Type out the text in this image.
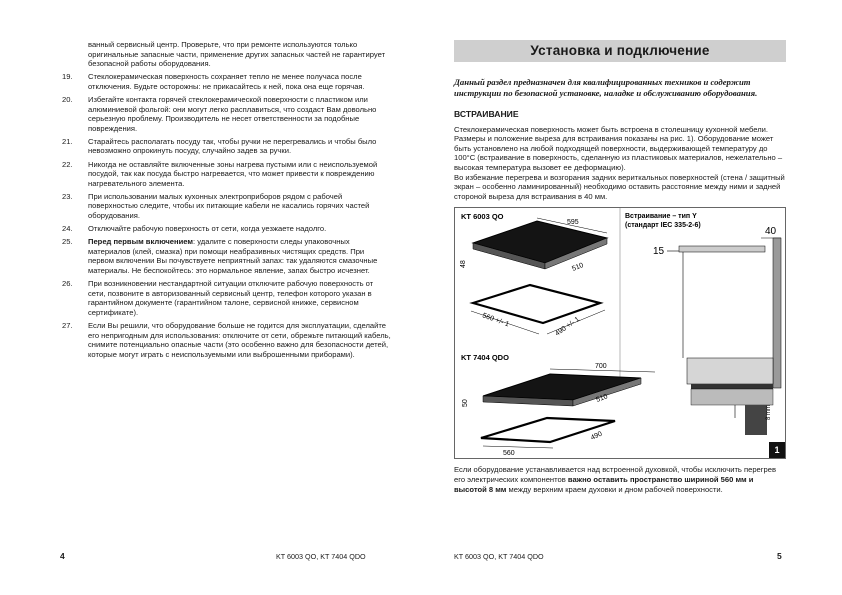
ванный сервисный центр. Проверьте, что при ремонте используются только оригинальные запасные части, применение других запасных частей не гарантирует безопасной работы оборудования.
19.	Стеклокерамическая поверхность сохраняет тепло не менее получаса после отключения. Будьте осторожны: не прикасайтесь к ней, пока она еще горячая.
20.	Избегайте контакта горячей стеклокерамической поверхности с пластиком или алюминиевой фольгой: они могут легко расплавиться, что создаст Вам довольно серьезную проблему. Производитель не несет ответственности за подобные повреждения.
21.	Старайтесь располагать посуду так, чтобы ручки не перегревались и чтобы было невозможно опрокинуть посуду, случайно задев за ручки.
22.	Никогда не оставляйте включенные зоны нагрева пустыми или с неиспользуемой посудой, так как посуда быстро нагревается, что может привести к повреждению нагревательного элемента.
23.	При использовании малых кухонных электроприборов рядом с рабочей поверхностью следите, чтобы их питающие кабели не касались горячих частей оборудования.
24.	Отключайте рабочую поверхность от сети, когда уезжаете надолго.
25.	Перед первым включением: удалите с поверхности следы упаковочных материалов (клей, смазка) при помощи неабразивных чистящих средств. При первом включении Вы почувствуете неприятный запах: так удаляются смазочные материалы. Не беспокойтесь: это нормальное явление, запах быстро исчезнет.
26.	При возникновении нестандартной ситуации отключите рабочую поверхность от сети, позвоните в авторизованный сервисный центр, телефон которого указан в гарантийном документе (гарантийном талоне, сервисной книжке, сервисном сертификате).
27.	Если Вы решили, что оборудование больше не годится для эксплуатации, сделайте его непригодным для использования: отключите от сети, обрежьте питающий кабель, снимите потенциально опасные части (это особенно важно для безопасности детей, которые могут играть с неиспользуемыми или выброшенными приборами).
4	KT 6003 QO, KT 7404 QDO
Установка и подключение
Данный раздел предназначен для квалифицированных техников и содержит инструкции по безопасной установке, наладке и обслуживанию оборудования.
ВСТРАИВАНИЕ
Стеклокерамическая поверхность может быть встроена в столешницу кухонной мебели. Размеры и положение выреза для встраивания показаны на рис. 1). Оборудование может быть установлено на любой подходящей поверхности, выдерживающей температуру до 100°С (встраивание в поверхность, сделанную из пластиковых материалов, нежелательно – высокая температура вызовет ее деформацию).
Во избежание перегрева и возгорания задних вериткальных поверхностей (стена / защитный экран – особенно ламинированный) необходимо оставить расстояние между ними и задней стороной выреза для встраивания в 40 мм.
KT 6003 QO
595
510
48
560 +/- 1	490 +/- 1
KT 7404 QDO
700
510
50
560
490
Встраивание – тип Y
(стандарт IEC 335-2-6)
40
15
8 mm
1
Если оборудование устанавливается над встроенной духовкой, чтобы исключить перегрев его электрических компонентов важно оставить пространство шириной 560 мм и высотой 8 мм между верхним краем духовки и дном рабочей поверхности.
KT 6003 QO, KT 7404 QDO	5
